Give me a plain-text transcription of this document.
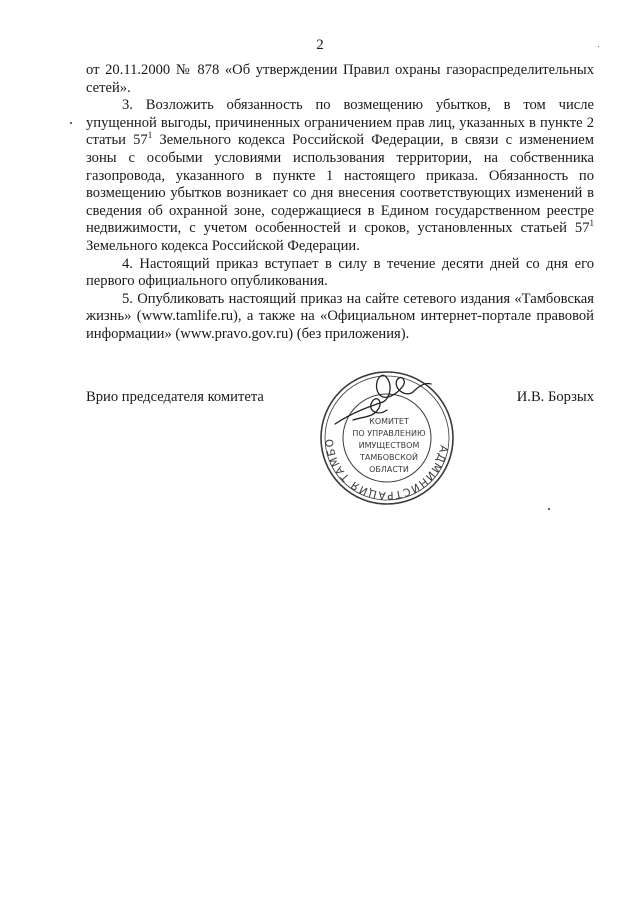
2

от 20.11.2000 № 878 «Об утверждении Правил охраны газораспределительных сетей».

3. Возложить обязанность по возмещению убытков, в том числе упущенной выгоды, причиненных ограничением прав лиц, указанных в пункте 2 статьи $57^1$ Земельного кодекса Российской Федерации, в связи с изменением зоны с особыми условиями использования территории, на собственника газопровода, указанного в пункте 1 настоящего приказа. Обязанность по возмещению убытков возникает со дня внесения соответствующих изменений в сведения об охранной зоне, содержащиеся в Едином государственном реестре недвижимости, с учетом особенностей и сроков, установленных статьей $57^1$ Земельного кодекса Российской Федерации.

4. Настоящий приказ вступает в силу в течение десяти дней со дня его первого официального опубликования.

5. Опубликовать настоящий приказ на сайте сетевого издания «Тамбовская жизнь» (www.tamlife.ru), а также на «Официальном интернет-портале правовой информации» (www.pravo.gov.ru) (без приложения).

Врио председателя комитета	И.В. Борзых
АДМИНИСТРАЦИЯ ТАМБО
КОМИТЕТ
ПО УПРАВЛЕНИЮ
ИМУЩЕСТВОМ
ТАМБОВСКОЙ
ОБЛАСТИ
